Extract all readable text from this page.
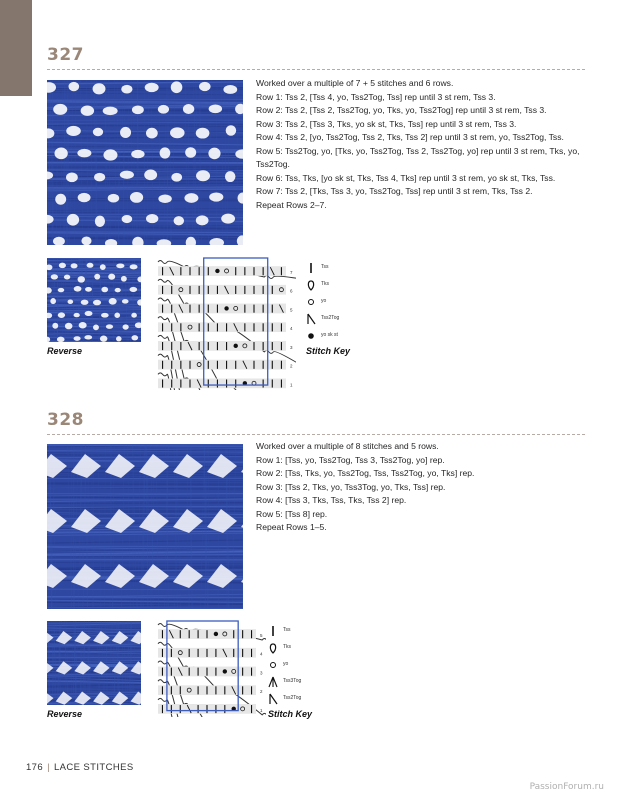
327

Worked over a multiple of 7 + 5 stitches and 6 rows.

Row 1: Tss 2, [Tss 4, yo, Tss2Tog, Tss] rep until 3 st rem, Tss 3.

Row 2: Tss 2, [Tss 2, Tss2Tog, yo, Tks, yo, Tss2Tog] rep until 3 st rem, Tss 3.

Row 3: Tss 2, [Tss 3, Tks, yo sk st, Tks, Tss] rep until 3 st rem, Tss 3.

Row 4: Tss 2, [yo, Tss2Tog, Tss 2, Tks, Tss 2] rep until 3 st rem, yo, Tss2Tog, Tss.

Row 5: Tss2Tog, yo, [Tks, yo, Tss2Tog, Tss 2, Tss2Tog, yo] rep until 3 st rem, Tks, yo, Tss2Tog.

Row 6: Tss, Tks, [yo sk st, Tks, Tss 4, Tks] rep until 3 st rem, yo sk st, Tks, Tss.

Row 7: Tss 2, [Tks, Tss 3, yo, Tss2Tog, Tss] rep until 3 st rem, Tks, Tss 2.

Repeat Rows 2–7.

Reverse
7
6
5
4
3
2
1
Tss
Tks
yo
Tss2Tog
yo sk st
Stitch Key
328

Worked over a multiple of 8 stitches and 5 rows.

Row 1: [Tss, yo, Tss2Tog, Tss 3, Tss2Tog, yo] rep.

Row 2: [Tss, Tks, yo, Tss2Tog, Tss, Tss2Tog, yo, Tks] rep.

Row 3: [Tss 2, Tks, yo, Tss3Tog, yo, Tks, Tss] rep.

Row 4: [Tss 3, Tks, Tss, Tks, Tss 2] rep.

Row 5: [Tss 8] rep.

Repeat Rows 1–5.

Reverse
5
4
3
2
1
Tss
Tks
yo
Tss3Tog
Tss2Tog
Stitch Key
176 | LACE STITCHES
PassionForum.ru
